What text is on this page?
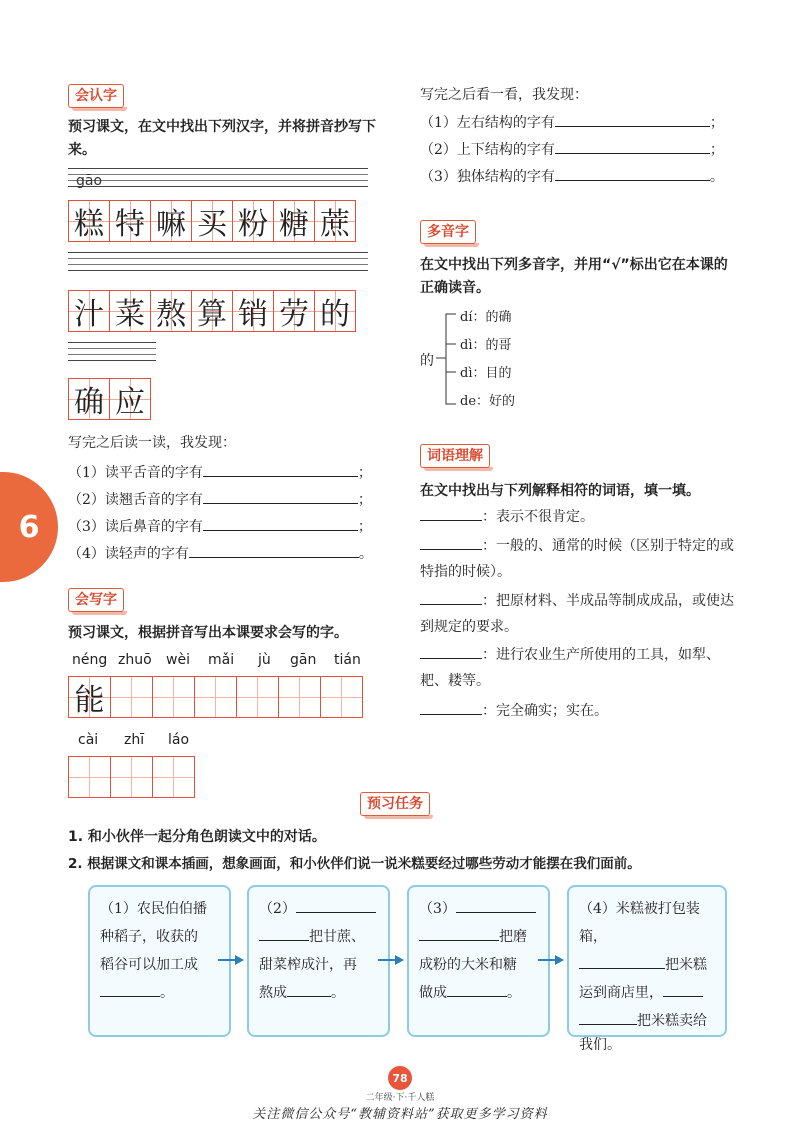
6
会认字
预习课文，在文中找出下列汉字，并将拼音抄写下来。
gāo
糕 特 嘛 买 粉 糖 蔗
汁 菜 熬 算 销 劳 的
确 应
写完之后读一读，我发现：
（1）读平舌音的字有	；
（2）读翘舌音的字有	；
（3）读后鼻音的字有	；
（4）读轻声的字有	。
会写字
预习课文，根据拼音写出本课要求会写的字。
néng zhuō wèi mǎi jù gān tián
能
cài zhī láo
写完之后看一看，我发现：
（1）左右结构的字有	；
（2）上下结构的字有	；
（3）独体结构的字有	。
多音字
在文中找出下列多音字，并用“√”标出它在本课的正确读音。
的
dí：的确
dì：的哥
dì：目的
de：好的
词语理解
在文中找出与下列解释相符的词语，填一填。
：表示不很肯定。
：一般的、通常的时候（区别于特定的或特指的时候）。
：把原材料、半成品等制成成品，或使达到规定的要求。
：进行农业生产所使用的工具，如犁、耙、耧等。
：完全确实；实在。
预习任务
1. 和小伙伴一起分角色朗读文中的对话。
2. 根据课文和课本插画，想象画面，和小伙伴们说一说米糕要经过哪些劳动才能摆在我们面前。
（1）农民伯伯播
种稻子，收获的
稻谷可以加工成
。
（2）
把甘蔗、
甜菜榨成汁，再
熬成	。
（3）
把磨
成粉的大米和糖
做成	。
（4）米糕被打包装箱，
把米糕
运到商店里，
把米糕卖给
我们。
78
二年级·下·千人糕
关注微信公众号“教辅资料站”获取更多学习资料
